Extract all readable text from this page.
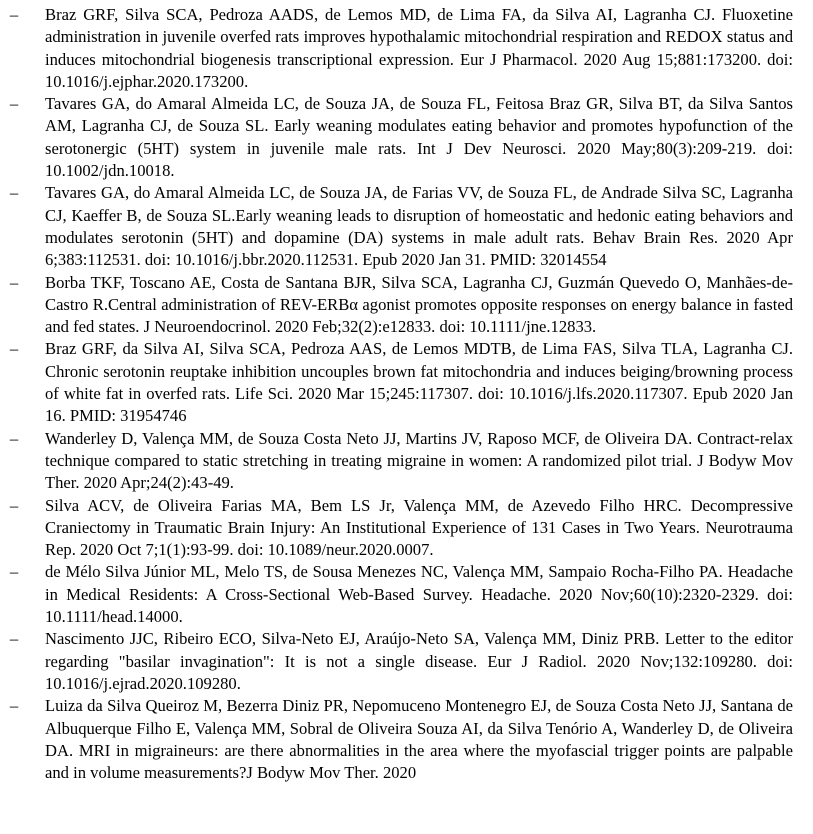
– Braz GRF, Silva SCA, Pedroza AADS, de Lemos MD, de Lima FA, da Silva AI, Lagranha CJ. Fluoxetine administration in juvenile overfed rats improves hypothalamic mitochondrial respiration and REDOX status and induces mitochondrial biogenesis transcriptional expression. Eur J Pharmacol. 2020 Aug 15;881:173200. doi: 10.1016/j.ejphar.2020.173200.
– Tavares GA, do Amaral Almeida LC, de Souza JA, de Souza FL, Feitosa Braz GR, Silva BT, da Silva Santos AM, Lagranha CJ, de Souza SL. Early weaning modulates eating behavior and promotes hypofunction of the serotonergic (5HT) system in juvenile male rats. Int J Dev Neurosci. 2020 May;80(3):209-219. doi: 10.1002/jdn.10018.
– Tavares GA, do Amaral Almeida LC, de Souza JA, de Farias VV, de Souza FL, de Andrade Silva SC, Lagranha CJ, Kaeffer B, de Souza SL.Early weaning leads to disruption of homeostatic and hedonic eating behaviors and modulates serotonin (5HT) and dopamine (DA) systems in male adult rats. Behav Brain Res. 2020 Apr 6;383:112531. doi: 10.1016/j.bbr.2020.112531. Epub 2020 Jan 31. PMID: 32014554
– Borba TKF, Toscano AE, Costa de Santana BJR, Silva SCA, Lagranha CJ, Guzmán Quevedo O, Manhães-de-Castro R.Central administration of REV-ERBα agonist promotes opposite responses on energy balance in fasted and fed states. J Neuroendocrinol. 2020 Feb;32(2):e12833. doi: 10.1111/jne.12833.
– Braz GRF, da Silva AI, Silva SCA, Pedroza AAS, de Lemos MDTB, de Lima FAS, Silva TLA, Lagranha CJ. Chronic serotonin reuptake inhibition uncouples brown fat mitochondria and induces beiging/browning process of white fat in overfed rats. Life Sci. 2020 Mar 15;245:117307. doi: 10.1016/j.lfs.2020.117307. Epub 2020 Jan 16. PMID: 31954746
– Wanderley D, Valença MM, de Souza Costa Neto JJ, Martins JV, Raposo MCF, de Oliveira DA. Contract-relax technique compared to static stretching in treating migraine in women: A randomized pilot trial. J Bodyw Mov Ther. 2020 Apr;24(2):43-49.
– Silva ACV, de Oliveira Farias MA, Bem LS Jr, Valença MM, de Azevedo Filho HRC. Decompressive Craniectomy in Traumatic Brain Injury: An Institutional Experience of 131 Cases in Two Years. Neurotrauma Rep. 2020 Oct 7;1(1):93-99. doi: 10.1089/neur.2020.0007.
– de Mélo Silva Júnior ML, Melo TS, de Sousa Menezes NC, Valença MM, Sampaio Rocha-Filho PA. Headache in Medical Residents: A Cross-Sectional Web-Based Survey. Headache. 2020 Nov;60(10):2320-2329. doi: 10.1111/head.14000.
– Nascimento JJC, Ribeiro ECO, Silva-Neto EJ, Araújo-Neto SA, Valença MM, Diniz PRB. Letter to the editor regarding "basilar invagination": It is not a single disease. Eur J Radiol. 2020 Nov;132:109280. doi: 10.1016/j.ejrad.2020.109280.
– Luiza da Silva Queiroz M, Bezerra Diniz PR, Nepomuceno Montenegro EJ, de Souza Costa Neto JJ, Santana de Albuquerque Filho E, Valença MM, Sobral de Oliveira Souza AI, da Silva Tenório A, Wanderley D, de Oliveira DA. MRI in migraineurs: are there abnormalities in the area where the myofascial trigger points are palpable and in volume measurements?J Bodyw Mov Ther. 2020
